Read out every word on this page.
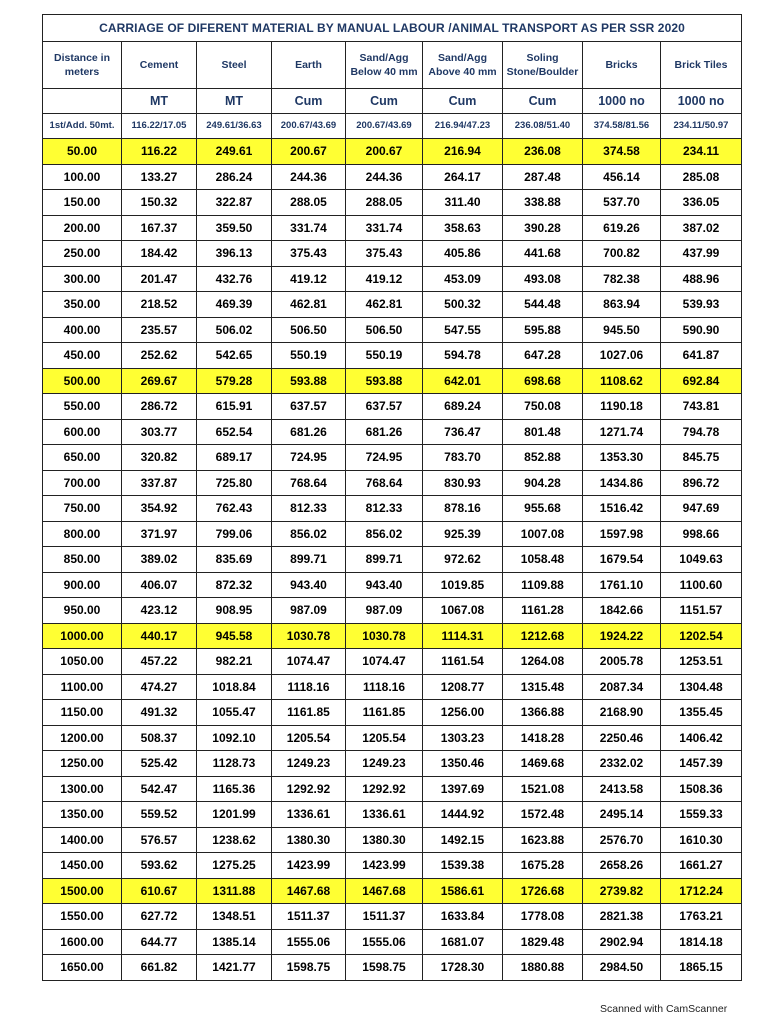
CARRIAGE OF DIFERENT MATERIAL BY MANUAL LABOUR /ANIMAL TRANSPORT AS PER SSR 2020								
Distance in meters	Cement	Steel	Earth	Sand/Agg Below 40 mm	Sand/Agg Above 40 mm	Soling Stone/Boulder	Bricks	Brick Tiles
	MT	MT	Cum	Cum	Cum	Cum	1000 no	1000 no
1st/Add. 50mt.	116.22/17.05	249.61/36.63	200.67/43.69	200.67/43.69	216.94/47.23	236.08/51.40	374.58/81.56	234.11/50.97
50.00	116.22	249.61	200.67	200.67	216.94	236.08	374.58	234.11
100.00	133.27	286.24	244.36	244.36	264.17	287.48	456.14	285.08
150.00	150.32	322.87	288.05	288.05	311.40	338.88	537.70	336.05
200.00	167.37	359.50	331.74	331.74	358.63	390.28	619.26	387.02
250.00	184.42	396.13	375.43	375.43	405.86	441.68	700.82	437.99
300.00	201.47	432.76	419.12	419.12	453.09	493.08	782.38	488.96
350.00	218.52	469.39	462.81	462.81	500.32	544.48	863.94	539.93
400.00	235.57	506.02	506.50	506.50	547.55	595.88	945.50	590.90
450.00	252.62	542.65	550.19	550.19	594.78	647.28	1027.06	641.87
500.00	269.67	579.28	593.88	593.88	642.01	698.68	1108.62	692.84
550.00	286.72	615.91	637.57	637.57	689.24	750.08	1190.18	743.81
600.00	303.77	652.54	681.26	681.26	736.47	801.48	1271.74	794.78
650.00	320.82	689.17	724.95	724.95	783.70	852.88	1353.30	845.75
700.00	337.87	725.80	768.64	768.64	830.93	904.28	1434.86	896.72
750.00	354.92	762.43	812.33	812.33	878.16	955.68	1516.42	947.69
800.00	371.97	799.06	856.02	856.02	925.39	1007.08	1597.98	998.66
850.00	389.02	835.69	899.71	899.71	972.62	1058.48	1679.54	1049.63
900.00	406.07	872.32	943.40	943.40	1019.85	1109.88	1761.10	1100.60
950.00	423.12	908.95	987.09	987.09	1067.08	1161.28	1842.66	1151.57
1000.00	440.17	945.58	1030.78	1030.78	1114.31	1212.68	1924.22	1202.54
1050.00	457.22	982.21	1074.47	1074.47	1161.54	1264.08	2005.78	1253.51
1100.00	474.27	1018.84	1118.16	1118.16	1208.77	1315.48	2087.34	1304.48
1150.00	491.32	1055.47	1161.85	1161.85	1256.00	1366.88	2168.90	1355.45
1200.00	508.37	1092.10	1205.54	1205.54	1303.23	1418.28	2250.46	1406.42
1250.00	525.42	1128.73	1249.23	1249.23	1350.46	1469.68	2332.02	1457.39
1300.00	542.47	1165.36	1292.92	1292.92	1397.69	1521.08	2413.58	1508.36
1350.00	559.52	1201.99	1336.61	1336.61	1444.92	1572.48	2495.14	1559.33
1400.00	576.57	1238.62	1380.30	1380.30	1492.15	1623.88	2576.70	1610.30
1450.00	593.62	1275.25	1423.99	1423.99	1539.38	1675.28	2658.26	1661.27
1500.00	610.67	1311.88	1467.68	1467.68	1586.61	1726.68	2739.82	1712.24
1550.00	627.72	1348.51	1511.37	1511.37	1633.84	1778.08	2821.38	1763.21
1600.00	644.77	1385.14	1555.06	1555.06	1681.07	1829.48	2902.94	1814.18
1650.00	661.82	1421.77	1598.75	1598.75	1728.30	1880.88	2984.50	1865.15
Scanned with CamScanner
